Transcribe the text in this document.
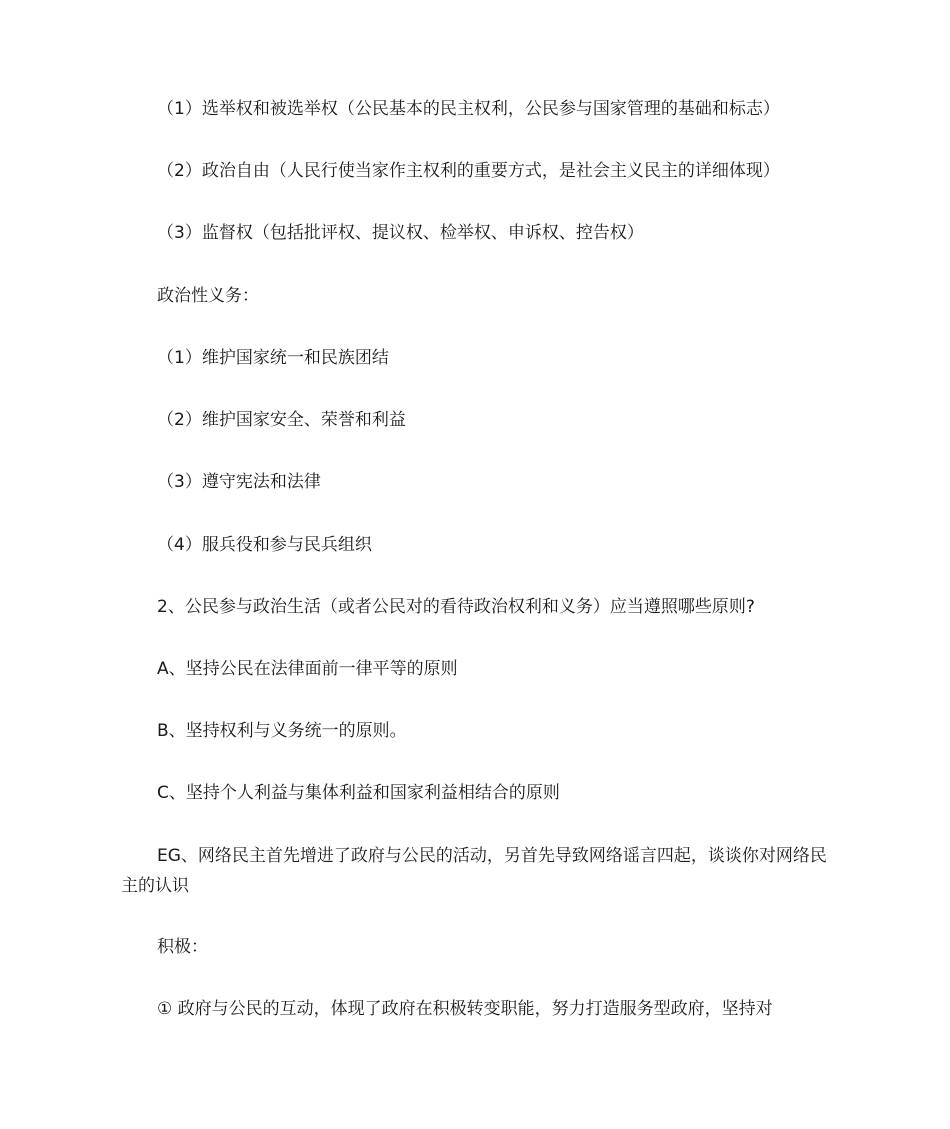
（1）选举权和被选举权（公民基本的民主权利，公民参与国家管理的基础和标志）

（2）政治自由（人民行使当家作主权利的重要方式，是社会主义民主的详细体现）

（3）监督权（包括批评权、提议权、检举权、申诉权、控告权）

政治性义务：

（1）维护国家统一和民族团结

（2）维护国家安全、荣誉和利益

（3）遵守宪法和法律

（4）服兵役和参与民兵组织

2、公民参与政治生活（或者公民对的看待政治权利和义务）应当遵照哪些原则?

A、坚持公民在法律面前一律平等的原则

B、坚持权利与义务统一的原则。

C、坚持个人利益与集体利益和国家利益相结合的原则

EG、网络民主首先增进了政府与公民的活动，另首先导致网络谣言四起，谈谈你对网络民主的认识

积极：

① 政府与公民的互动，体现了政府在积极转变职能，努力打造服务型政府，坚持对
